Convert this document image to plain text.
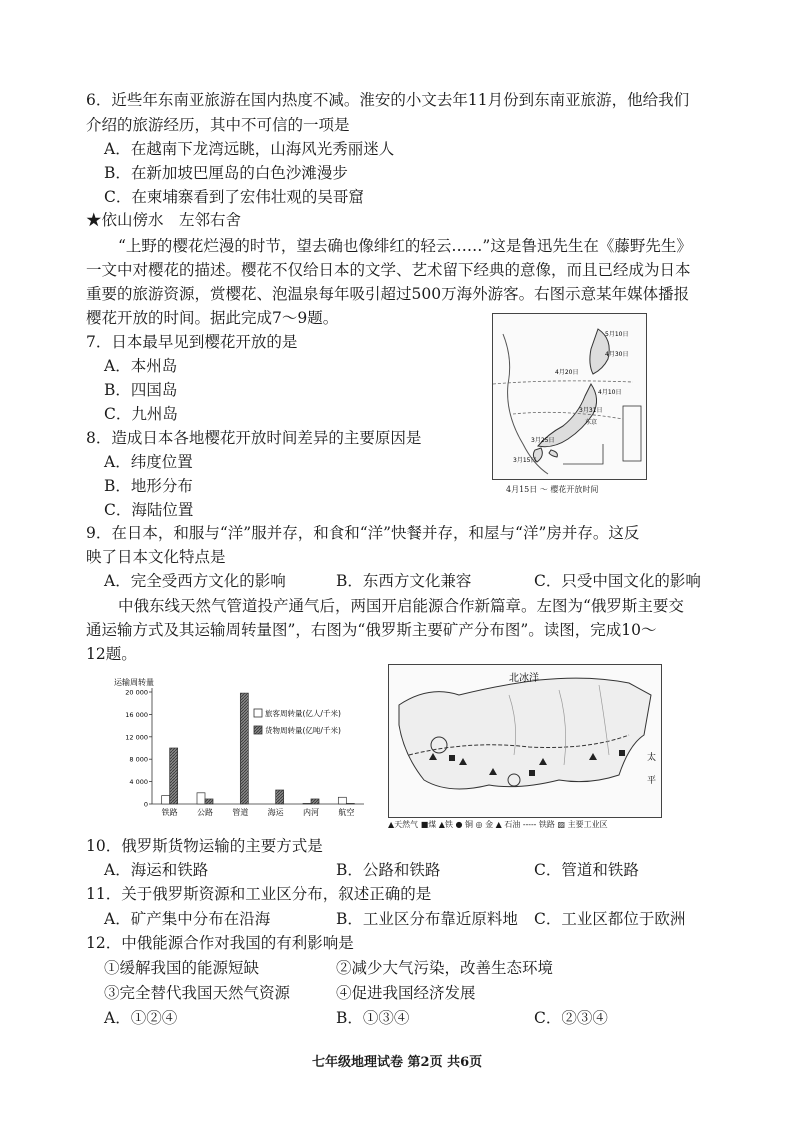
6．近些年东南亚旅游在国内热度不减。淮安的小文去年11月份到东南亚旅游，他给我们
介绍的旅游经历，其中不可信的一项是
A．在越南下龙湾远眺，山海风光秀丽迷人
B．在新加坡巴厘岛的白色沙滩漫步
C．在柬埔寨看到了宏伟壮观的吴哥窟
★依山傍水　左邻右舍
“上野的樱花烂漫的时节，望去确也像绯红的轻云……”这是鲁迅先生在《藤野先生》
一文中对樱花的描述。樱花不仅给日本的文学、艺术留下经典的意像，而且已经成为日本
重要的旅游资源，赏樱花、泡温泉每年吸引超过500万海外游客。右图示意某年媒体播报
樱花开放的时间。据此完成7～9题。
7．日本最早见到樱花开放的是
A．本州岛
B．四国岛
C．九州岛
8．造成日本各地樱花开放时间差异的主要原因是
A．纬度位置
B．地形分布
C．海陆位置
5月10日
4月30日
4月20日
4月10日
东京
3月31日
3月25日
3月15日
4月15日 ～ 樱花开放时间
9．在日本，和服与“洋”服并存，和食和“洋”快餐并存，和屋与“洋”房并存。这反
映了日本文化特点是
A．完全受西方文化的影响	B．东西方文化兼容	C．只受中国文化的影响
中俄东线天然气管道投产通气后，两国开启能源合作新篇章。左图为“俄罗斯主要交
通运输方式及其运输周转量图”，右图为“俄罗斯主要矿产分布图”。读图，完成10～
12题。
运输周转量
20 000
16 000
12 000
8 000
4 000
0
铁路 公路 管道 海运 内河 航空
旅客周转量(亿人/千米)
货物周转量(亿吨/千米)
北冰洋
太
平
▲天然气 ■煤 ▲铁 ● 铜 ◎ 金 ▲ 石油 ----- 铁路 ▨ 主要工业区
10．俄罗斯货物运输的主要方式是
A．海运和铁路	B．公路和铁路	C．管道和铁路
11．关于俄罗斯资源和工业区分布，叙述正确的是
A．矿产集中分布在沿海	B．工业区分布靠近原料地 C．工业区都位于欧洲
12．中俄能源合作对我国的有利影响是
①缓解我国的能源短缺	②减少大气污染，改善生态环境
③完全替代我国天然气资源	④促进我国经济发展
A．①②④	B．①③④	C．②③④
七年级地理试卷 第2页 共6页
